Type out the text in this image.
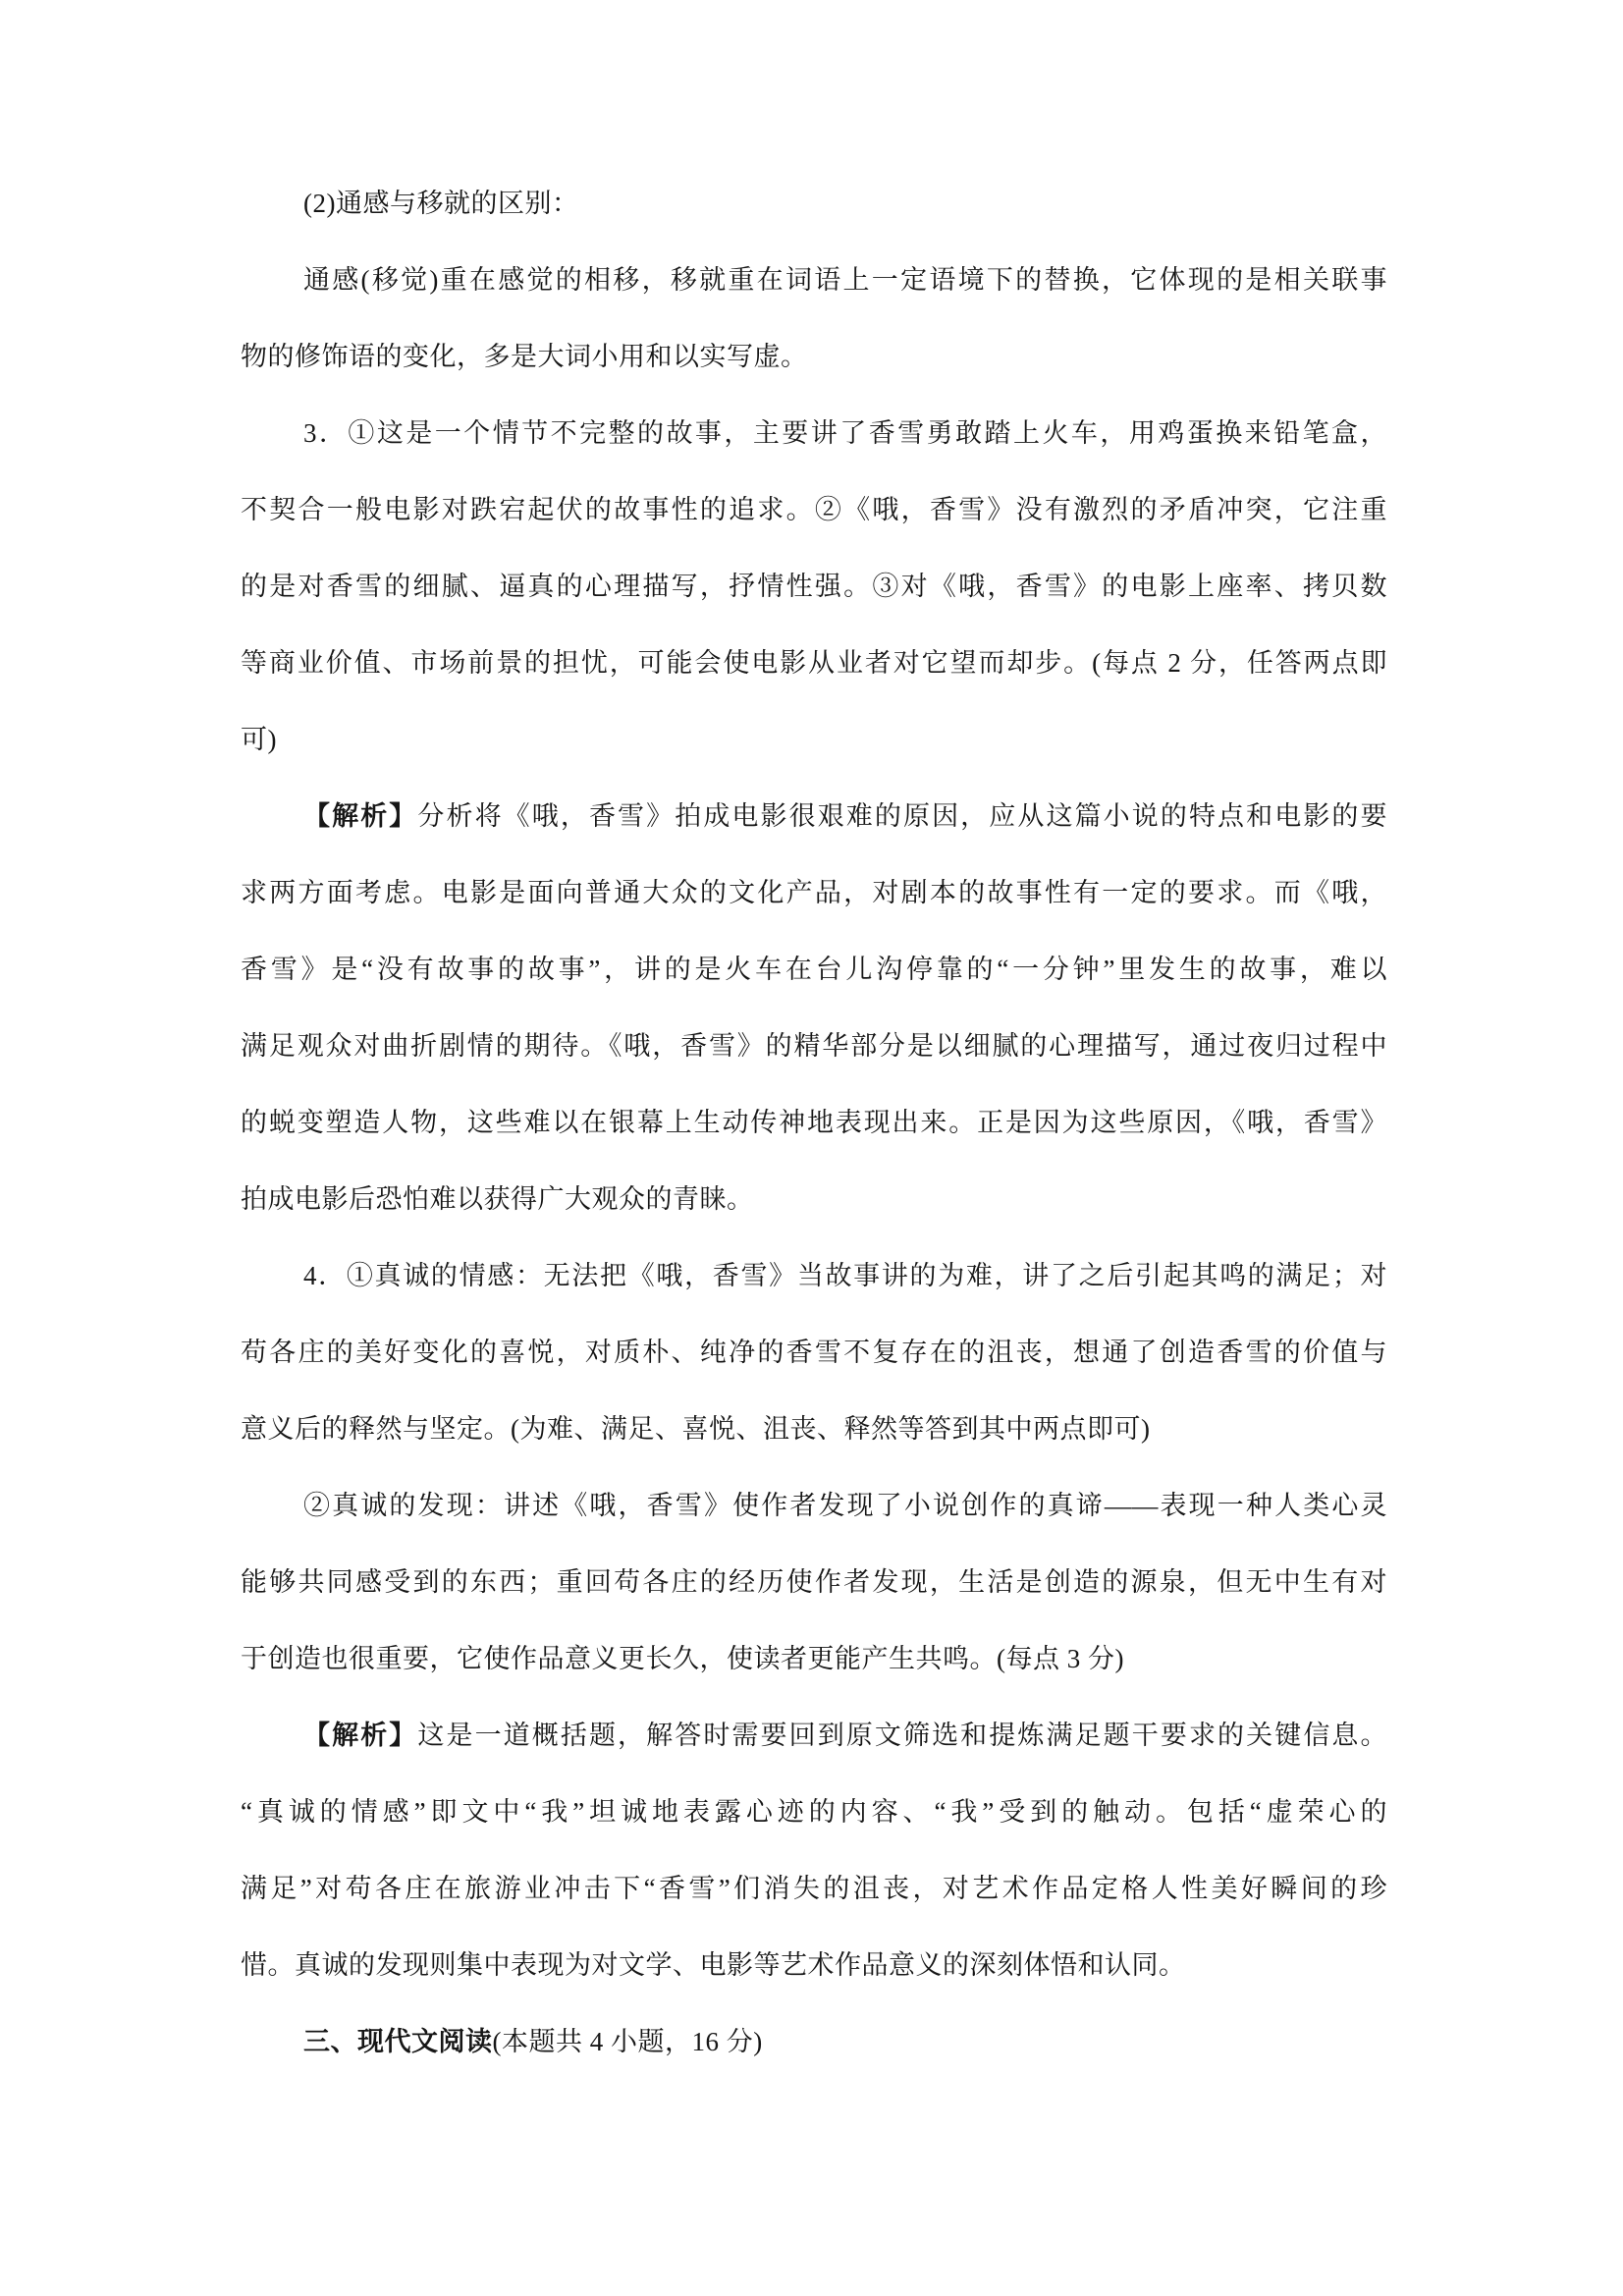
(2)通感与移就的区别：
通感(移觉)重在感觉的相移，移就重在词语上一定语境下的替换，它体现的是相关联事
物的修饰语的变化，多是大词小用和以实写虚。
3．①这是一个情节不完整的故事，主要讲了香雪勇敢踏上火车，用鸡蛋换来铅笔盒，
不契合一般电影对跌宕起伏的故事性的追求。②《哦，香雪》没有激烈的矛盾冲突，它注重
的是对香雪的细腻、逼真的心理描写，抒情性强。③对《哦，香雪》的电影上座率、拷贝数
等商业价值、市场前景的担忧，可能会使电影从业者对它望而却步。(每点 2 分，任答两点即
可)
【解析】分析将《哦，香雪》拍成电影很艰难的原因，应从这篇小说的特点和电影的要
求两方面考虑。电影是面向普通大众的文化产品，对剧本的故事性有一定的要求。而《哦，
香雪》是“没有故事的故事”，讲的是火车在台儿沟停靠的“一分钟”里发生的故事，难以
满足观众对曲折剧情的期待。《哦，香雪》的精华部分是以细腻的心理描写，通过夜归过程中
的蜕变塑造人物，这些难以在银幕上生动传神地表现出来。正是因为这些原因，《哦，香雪》
拍成电影后恐怕难以获得广大观众的青睐。
4．①真诚的情感：无法把《哦，香雪》当故事讲的为难，讲了之后引起其鸣的满足；对
苟各庄的美好变化的喜悦，对质朴、纯净的香雪不复存在的沮丧，想通了创造香雪的价值与
意义后的释然与坚定。(为难、满足、喜悦、沮丧、释然等答到其中两点即可)
②真诚的发现：讲述《哦，香雪》使作者发现了小说创作的真谛——表现一种人类心灵
能够共同感受到的东西；重回苟各庄的经历使作者发现，生活是创造的源泉，但无中生有对
于创造也很重要，它使作品意义更长久，使读者更能产生共鸣。(每点 3 分)
【解析】这是一道概括题，解答时需要回到原文筛选和提炼满足题干要求的关键信息。
“真诚的情感”即文中“我”坦诚地表露心迹的内容、“我”受到的触动。包括“虚荣心的
满足”对苟各庄在旅游业冲击下“香雪”们消失的沮丧，对艺术作品定格人性美好瞬间的珍
惜。真诚的发现则集中表现为对文学、电影等艺术作品意义的深刻体悟和认同。
三、现代文阅读(本题共 4 小题，16 分)
